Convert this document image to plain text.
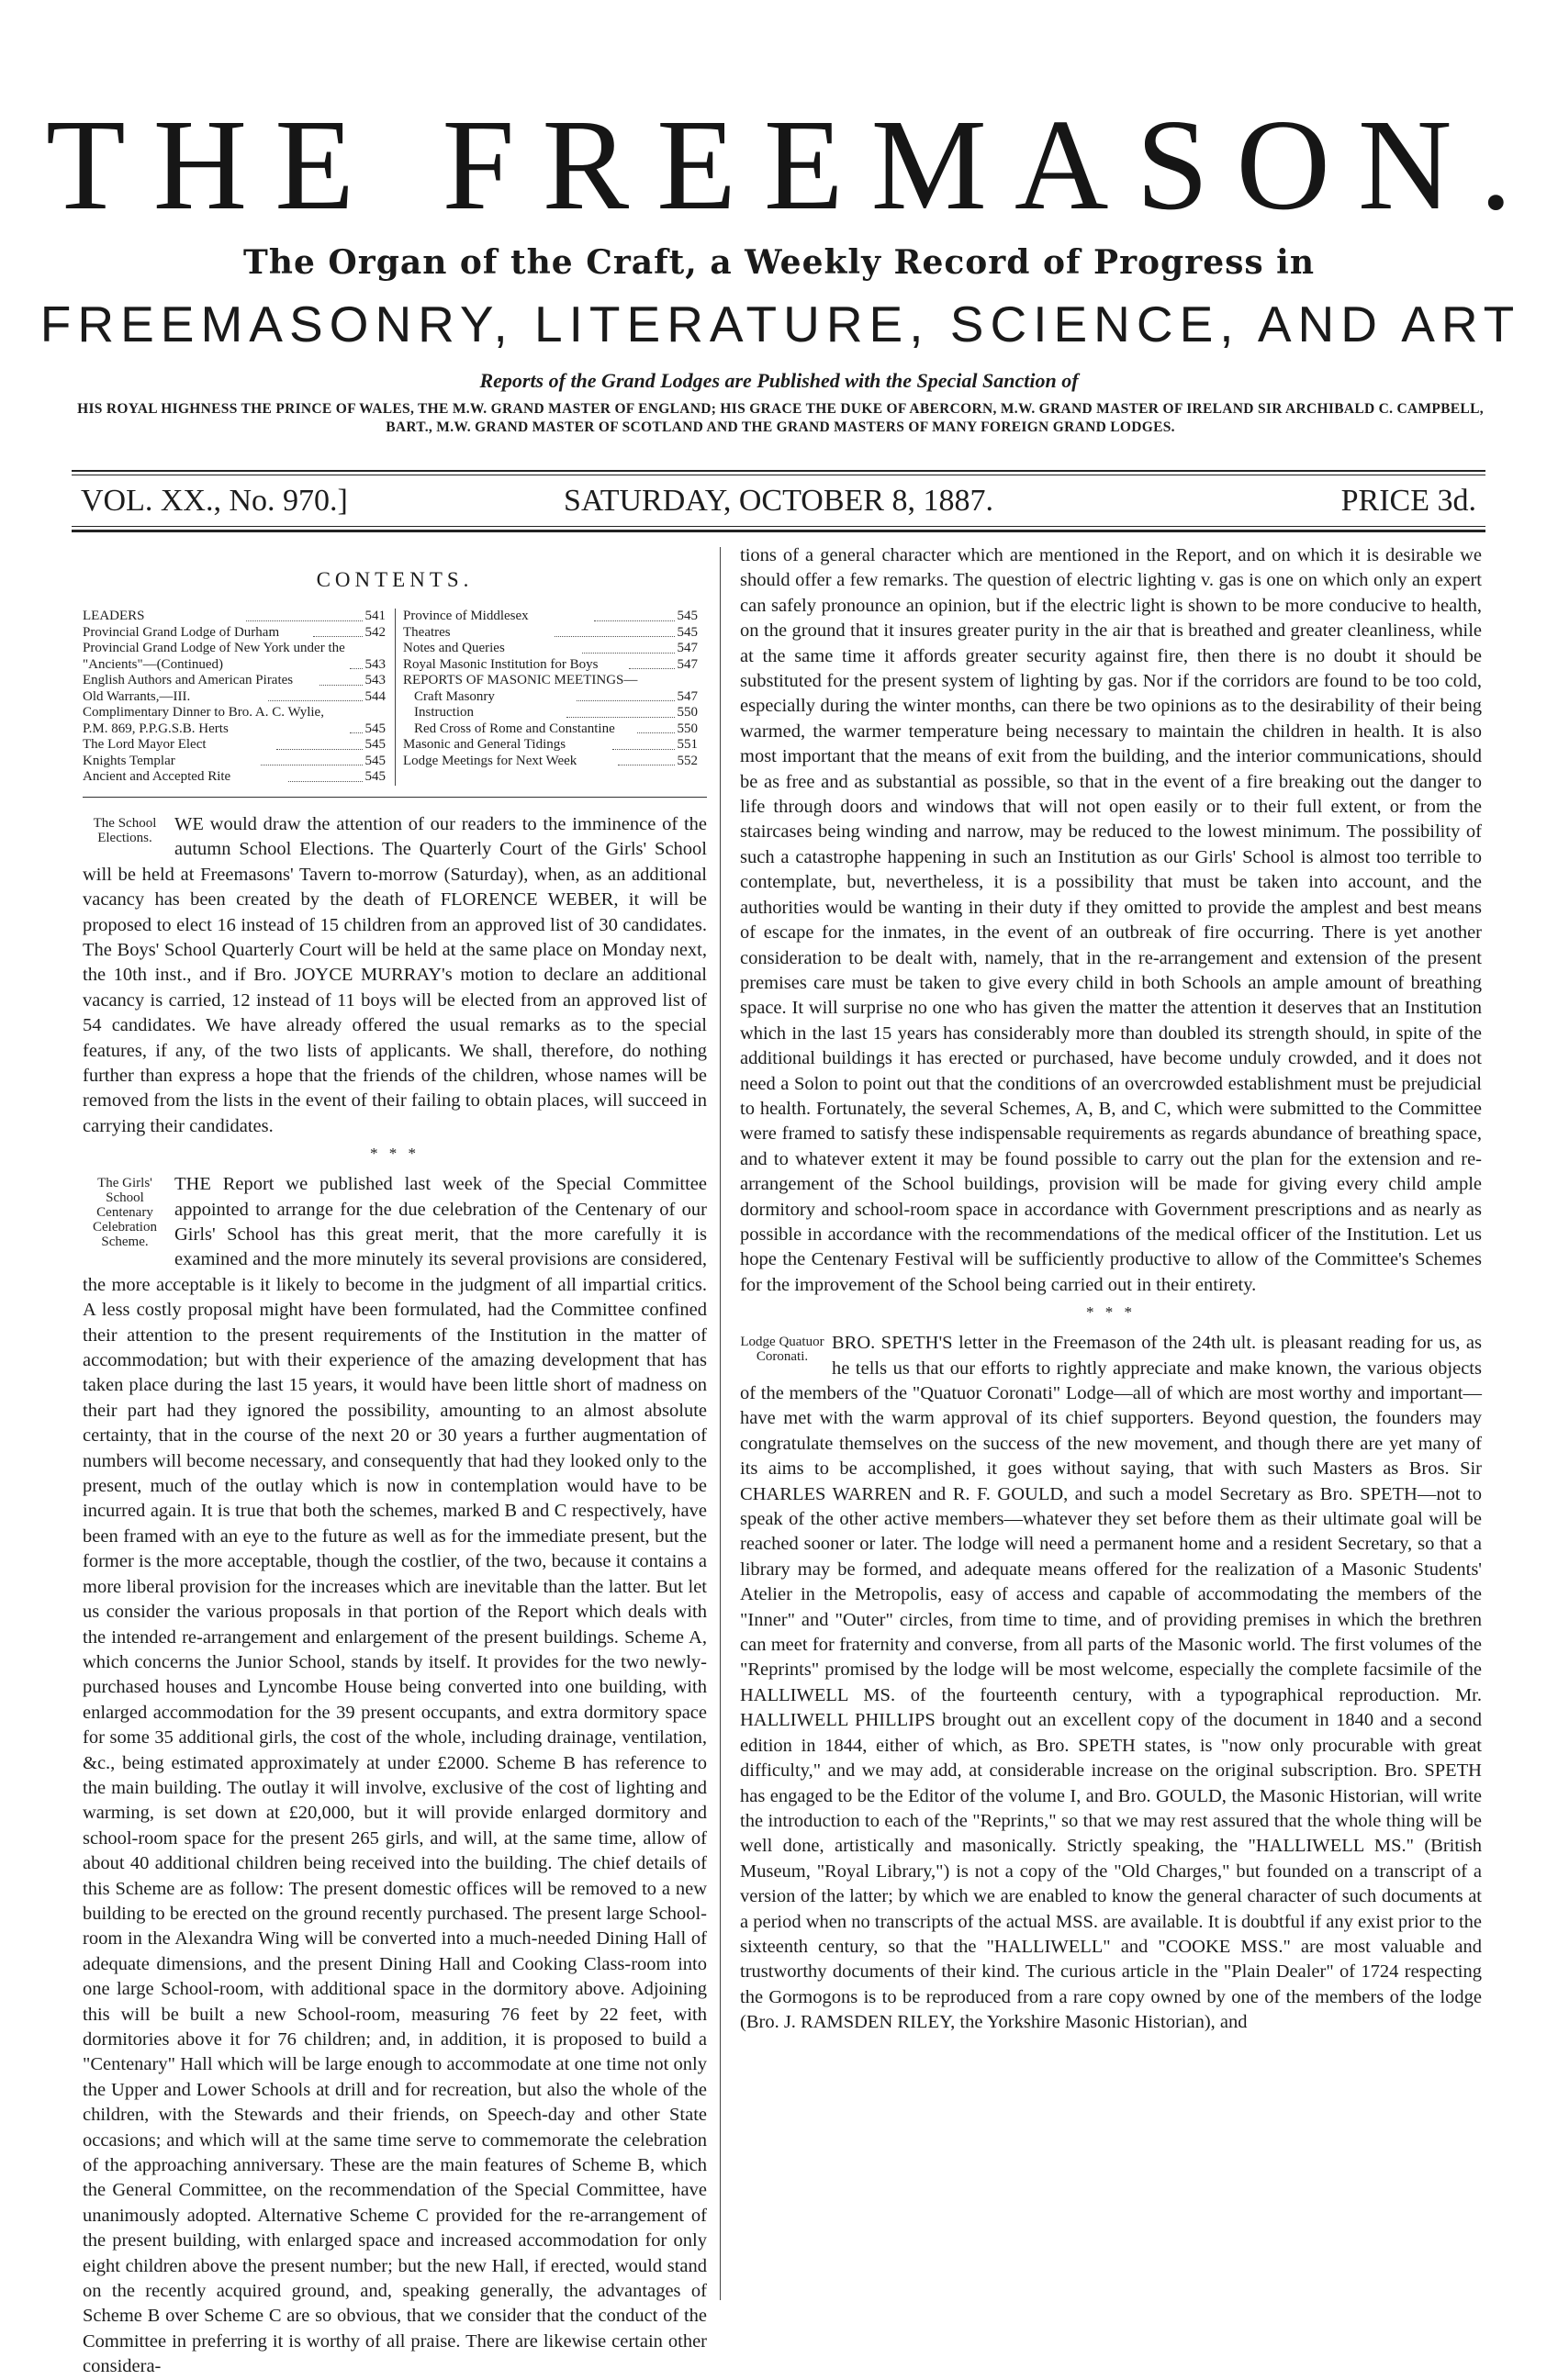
THE FREEMASON.
The Organ of the Craft, a Weekly Record of Progress in
FREEMASONRY, LITERATURE, SCIENCE, AND ART
Reports of the Grand Lodges are Published with the Special Sanction of
HIS ROYAL HIGHNESS THE PRINCE OF WALES, THE M.W. GRAND MASTER OF ENGLAND; HIS GRACE THE DUKE OF ABERCORN, M.W. GRAND MASTER OF IRELAND SIR ARCHIBALD C. CAMPBELL, BART., M.W. GRAND MASTER OF SCOTLAND AND THE GRAND MASTERS OF MANY FOREIGN GRAND LODGES.
VOL. XX., No. 970.]	SATURDAY, OCTOBER 8, 1887.	PRICE 3d.
CONTENTS.
LEADERS	541
Provincial Grand Lodge of Durham	542
Provincial Grand Lodge of New York under the "Ancients"—(Continued)	543
English Authors and American Pirates	543
Old Warrants,—III.	544
Complimentary Dinner to Bro. A. C. Wylie, P.M. 869, P.P.G.S.B. Herts	545
The Lord Mayor Elect	545
Knights Templar	545
Ancient and Accepted Rite	545
Province of Middlesex	545
Theatres	545
Notes and Queries	547
Royal Masonic Institution for Boys	547
REPORTS OF MASONIC MEETINGS—
Craft Masonry	547
Instruction	550
Red Cross of Rome and Constantine	550
Masonic and General Tidings	551
Lodge Meetings for Next Week	552
The School Elections.

WE would draw the attention of our readers to the imminence of the autumn School Elections. The Quarterly Court of the Girls' School will be held at Freemasons' Tavern to-morrow (Saturday), when, as an additional vacancy has been created by the death of FLORENCE WEBER, it will be proposed to elect 16 instead of 15 children from an approved list of 30 candidates. The Boys' School Quarterly Court will be held at the same place on Monday next, the 10th inst., and if Bro. JOYCE MURRAY's motion to declare an additional vacancy is carried, 12 instead of 11 boys will be elected from an approved list of 54 candidates. We have already offered the usual remarks as to the special features, if any, of the two lists of applicants. We shall, therefore, do nothing further than express a hope that the friends of the children, whose names will be removed from the lists in the event of their failing to obtain places, will succeed in carrying their candidates.

* * *
The Girls' School Centenary Celebration Scheme.

THE Report we published last week of the Special Committee appointed to arrange for the due celebration of the Centenary of our Girls' School has this great merit, that the more carefully it is examined and the more minutely its several provisions are considered, the more acceptable is it likely to become in the judgment of all impartial critics. A less costly proposal might have been formulated, had the Committee confined their attention to the present requirements of the Institution in the matter of accommodation; but with their experience of the amazing development that has taken place during the last 15 years, it would have been little short of madness on their part had they ignored the possibility, amounting to an almost absolute certainty, that in the course of the next 20 or 30 years a further augmentation of numbers will become necessary, and consequently that had they looked only to the present, much of the outlay which is now in contemplation would have to be incurred again. It is true that both the schemes, marked B and C respectively, have been framed with an eye to the future as well as for the immediate present, but the former is the more acceptable, though the costlier, of the two, because it contains a more liberal provision for the increases which are inevitable than the latter. But let us consider the various proposals in that portion of the Report which deals with the intended re-arrangement and enlargement of the present buildings. Scheme A, which concerns the Junior School, stands by itself. It provides for the two newly-purchased houses and Lyncombe House being converted into one building, with enlarged accommodation for the 39 present occupants, and extra dormitory space for some 35 additional girls, the cost of the whole, including drainage, ventilation, &c., being estimated approximately at under £2000. Scheme B has reference to the main building. The outlay it will involve, exclusive of the cost of lighting and warming, is set down at £20,000, but it will provide enlarged dormitory and school-room space for the present 265 girls, and will, at the same time, allow of about 40 additional children being received into the building. The chief details of this Scheme are as follow: The present domestic offices will be removed to a new building to be erected on the ground recently purchased. The present large School-room in the Alexandra Wing will be converted into a much-needed Dining Hall of adequate dimensions, and the present Dining Hall and Cooking Class-room into one large School-room, with additional space in the dormitory above. Adjoining this will be built a new School-room, measuring 76 feet by 22 feet, with dormitories above it for 76 children; and, in addition, it is proposed to build a "Centenary" Hall which will be large enough to accommodate at one time not only the Upper and Lower Schools at drill and for recreation, but also the whole of the children, with the Stewards and their friends, on Speech-day and other State occasions; and which will at the same time serve to commemorate the celebration of the approaching anniversary. These are the main features of Scheme B, which the General Committee, on the recommendation of the Special Committee, have unanimously adopted. Alternative Scheme C provided for the re-arrangement of the present building, with enlarged space and increased accommodation for only eight children above the present number; but the new Hall, if erected, would stand on the recently acquired ground, and, speaking generally, the advantages of Scheme B over Scheme C are so obvious, that we consider that the conduct of the Committee in preferring it is worthy of all praise. There are likewise certain other considera-

tions of a general character which are mentioned in the Report, and on which it is desirable we should offer a few remarks. The question of electric lighting v. gas is one on which only an expert can safely pronounce an opinion, but if the electric light is shown to be more conducive to health, on the ground that it insures greater purity in the air that is breathed and greater cleanliness, while at the same time it affords greater security against fire, then there is no doubt it should be substituted for the present system of lighting by gas. Nor if the corridors are found to be too cold, especially during the winter months, can there be two opinions as to the desirability of their being warmed, the warmer temperature being necessary to maintain the children in health. It is also most important that the means of exit from the building, and the interior communications, should be as free and as substantial as possible, so that in the event of a fire breaking out the danger to life through doors and windows that will not open easily or to their full extent, or from the staircases being winding and narrow, may be reduced to the lowest minimum. The possibility of such a catastrophe happening in such an Institution as our Girls' School is almost too terrible to contemplate, but, nevertheless, it is a possibility that must be taken into account, and the authorities would be wanting in their duty if they omitted to provide the amplest and best means of escape for the inmates, in the event of an outbreak of fire occurring. There is yet another consideration to be dealt with, namely, that in the re-arrangement and extension of the present premises care must be taken to give every child in both Schools an ample amount of breathing space. It will surprise no one who has given the matter the attention it deserves that an Institution which in the last 15 years has considerably more than doubled its strength should, in spite of the additional buildings it has erected or purchased, have become unduly crowded, and it does not need a Solon to point out that the conditions of an overcrowded establishment must be prejudicial to health. Fortunately, the several Schemes, A, B, and C, which were submitted to the Committee were framed to satisfy these indispensable requirements as regards abundance of breathing space, and to whatever extent it may be found possible to carry out the plan for the extension and re-arrangement of the School buildings, provision will be made for giving every child ample dormitory and school-room space in accordance with Government prescriptions and as nearly as possible in accordance with the recommendations of the medical officer of the Institution. Let us hope the Centenary Festival will be sufficiently productive to allow of the Committee's Schemes for the improvement of the School being carried out in their entirety.

* * *
Lodge Quatuor Coronati.

BRO. SPETH'S letter in the Freemason of the 24th ult. is pleasant reading for us, as he tells us that our efforts to rightly appreciate and make known, the various objects of the members of the "Quatuor Coronati" Lodge—all of which are most worthy and important—have met with the warm approval of its chief supporters. Beyond question, the founders may congratulate themselves on the success of the new movement, and though there are yet many of its aims to be accomplished, it goes without saying, that with such Masters as Bros. Sir CHARLES WARREN and R. F. GOULD, and such a model Secretary as Bro. SPETH—not to speak of the other active members—whatever they set before them as their ultimate goal will be reached sooner or later. The lodge will need a permanent home and a resident Secretary, so that a library may be formed, and adequate means offered for the realization of a Masonic Students' Atelier in the Metropolis, easy of access and capable of accommodating the members of the "Inner" and "Outer" circles, from time to time, and of providing premises in which the brethren can meet for fraternity and converse, from all parts of the Masonic world. The first volumes of the "Reprints" promised by the lodge will be most welcome, especially the complete facsimile of the HALLIWELL MS. of the fourteenth century, with a typographical reproduction. Mr. HALLIWELL PHILLIPS brought out an excellent copy of the document in 1840 and a second edition in 1844, either of which, as Bro. SPETH states, is "now only procurable with great difficulty," and we may add, at considerable increase on the original subscription. Bro. SPETH has engaged to be the Editor of the volume I, and Bro. GOULD, the Masonic Historian, will write the introduction to each of the "Reprints," so that we may rest assured that the whole thing will be well done, artistically and masonically. Strictly speaking, the "HALLIWELL MS." (British Museum, "Royal Library,") is not a copy of the "Old Charges," but founded on a transcript of a version of the latter; by which we are enabled to know the general character of such documents at a period when no transcripts of the actual MSS. are available. It is doubtful if any exist prior to the sixteenth century, so that the "HALLIWELL" and "COOKE MSS." are most valuable and trustworthy documents of their kind. The curious article in the "Plain Dealer" of 1724 respecting the Gormogons is to be reproduced from a rare copy owned by one of the members of the lodge (Bro. J. RAMSDEN RILEY, the Yorkshire Masonic Historian), and
